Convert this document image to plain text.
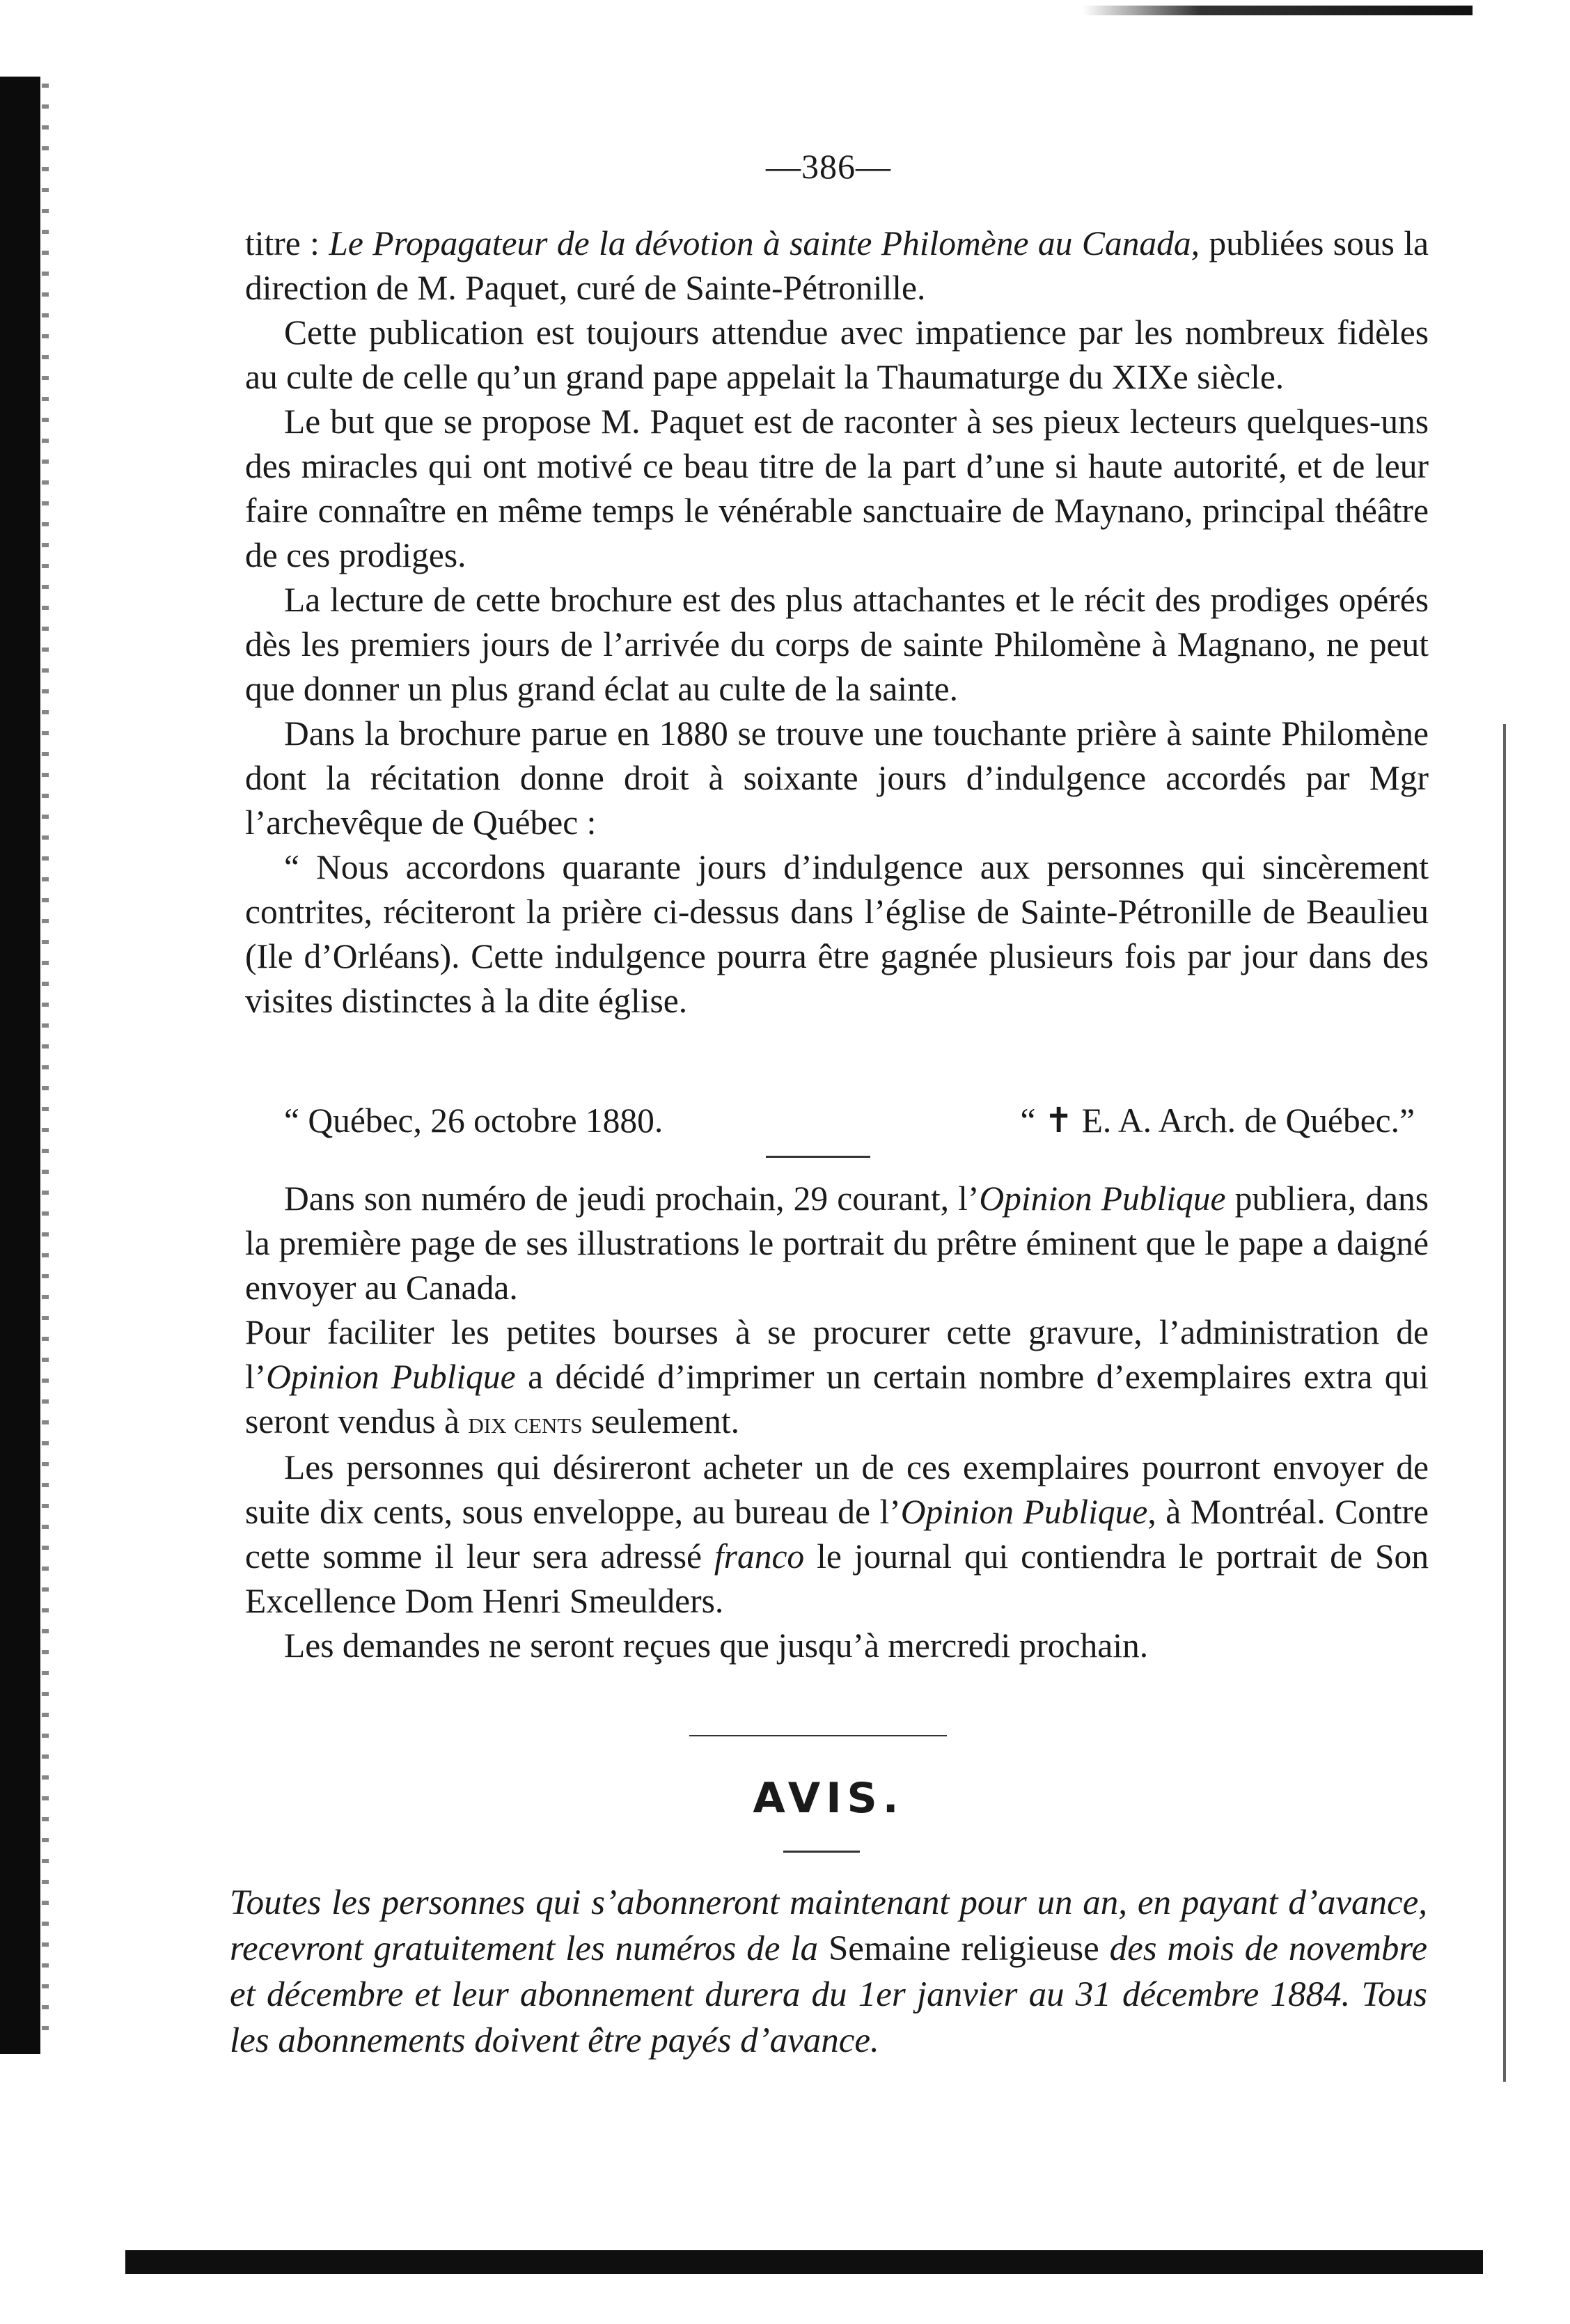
—386—

titre : Le Propagateur de la dévotion à sainte Philomène au Canada, publiées sous la direction de M. Paquet, curé de Sainte-Pétronille.

Cette publication est toujours attendue avec impatience par les nombreux fidèles au culte de celle qu’un grand pape appelait la Thaumaturge du XIXe siècle.

Le but que se propose M. Paquet est de raconter à ses pieux lecteurs quelques-uns des miracles qui ont motivé ce beau titre de la part d’une si haute autorité, et de leur faire connaître en même temps le vénérable sanctuaire de Maynano, principal théâtre de ces prodiges.

La lecture de cette brochure est des plus attachantes et le récit des prodiges opérés dès les premiers jours de l’arrivée du corps de sainte Philomène à Magnano, ne peut que donner un plus grand éclat au culte de la sainte.

Dans la brochure parue en 1880 se trouve une touchante prière à sainte Philomène dont la récitation donne droit à soixante jours d’indulgence accordés par Mgr l’archevêque de Québec :

“ Nous accordons quarante jours d’indulgence aux personnes qui sincèrement contrites, réciteront la prière ci-dessus dans l’église de Sainte-Pétronille de Beaulieu (Ile d’Orléans). Cette indulgence pourra être gagnée plusieurs fois par jour dans des visites distinctes à la dite église.

“ Québec, 26 octobre 1880.	“ ✝ E. A. Arch. de Québec.”

Dans son numéro de jeudi prochain, 29 courant, l’Opinion Publique publiera, dans la première page de ses illustrations le portrait du prêtre éminent que le pape a daigné envoyer au Canada.

Pour faciliter les petites bourses à se procurer cette gravure, l’administration de l’Opinion Publique a décidé d’imprimer un certain nombre d’exemplaires extra qui seront vendus à dix cents seulement.

Les personnes qui désireront acheter un de ces exemplaires pourront envoyer de suite dix cents, sous enveloppe, au bureau de l’Opinion Publique, à Montréal. Contre cette somme il leur sera adressé franco le journal qui contiendra le portrait de Son Excellence Dom Henri Smeulders.

Les demandes ne seront reçues que jusqu’à mercredi prochain.

AVIS.

Toutes les personnes qui s’abonneront maintenant pour un an, en payant d’avance, recevront gratuitement les numéros de la Semaine religieuse des mois de novembre et décembre et leur abonnement durera du 1er janvier au 31 décembre 1884. Tous les abonnements doivent être payés d’avance.
